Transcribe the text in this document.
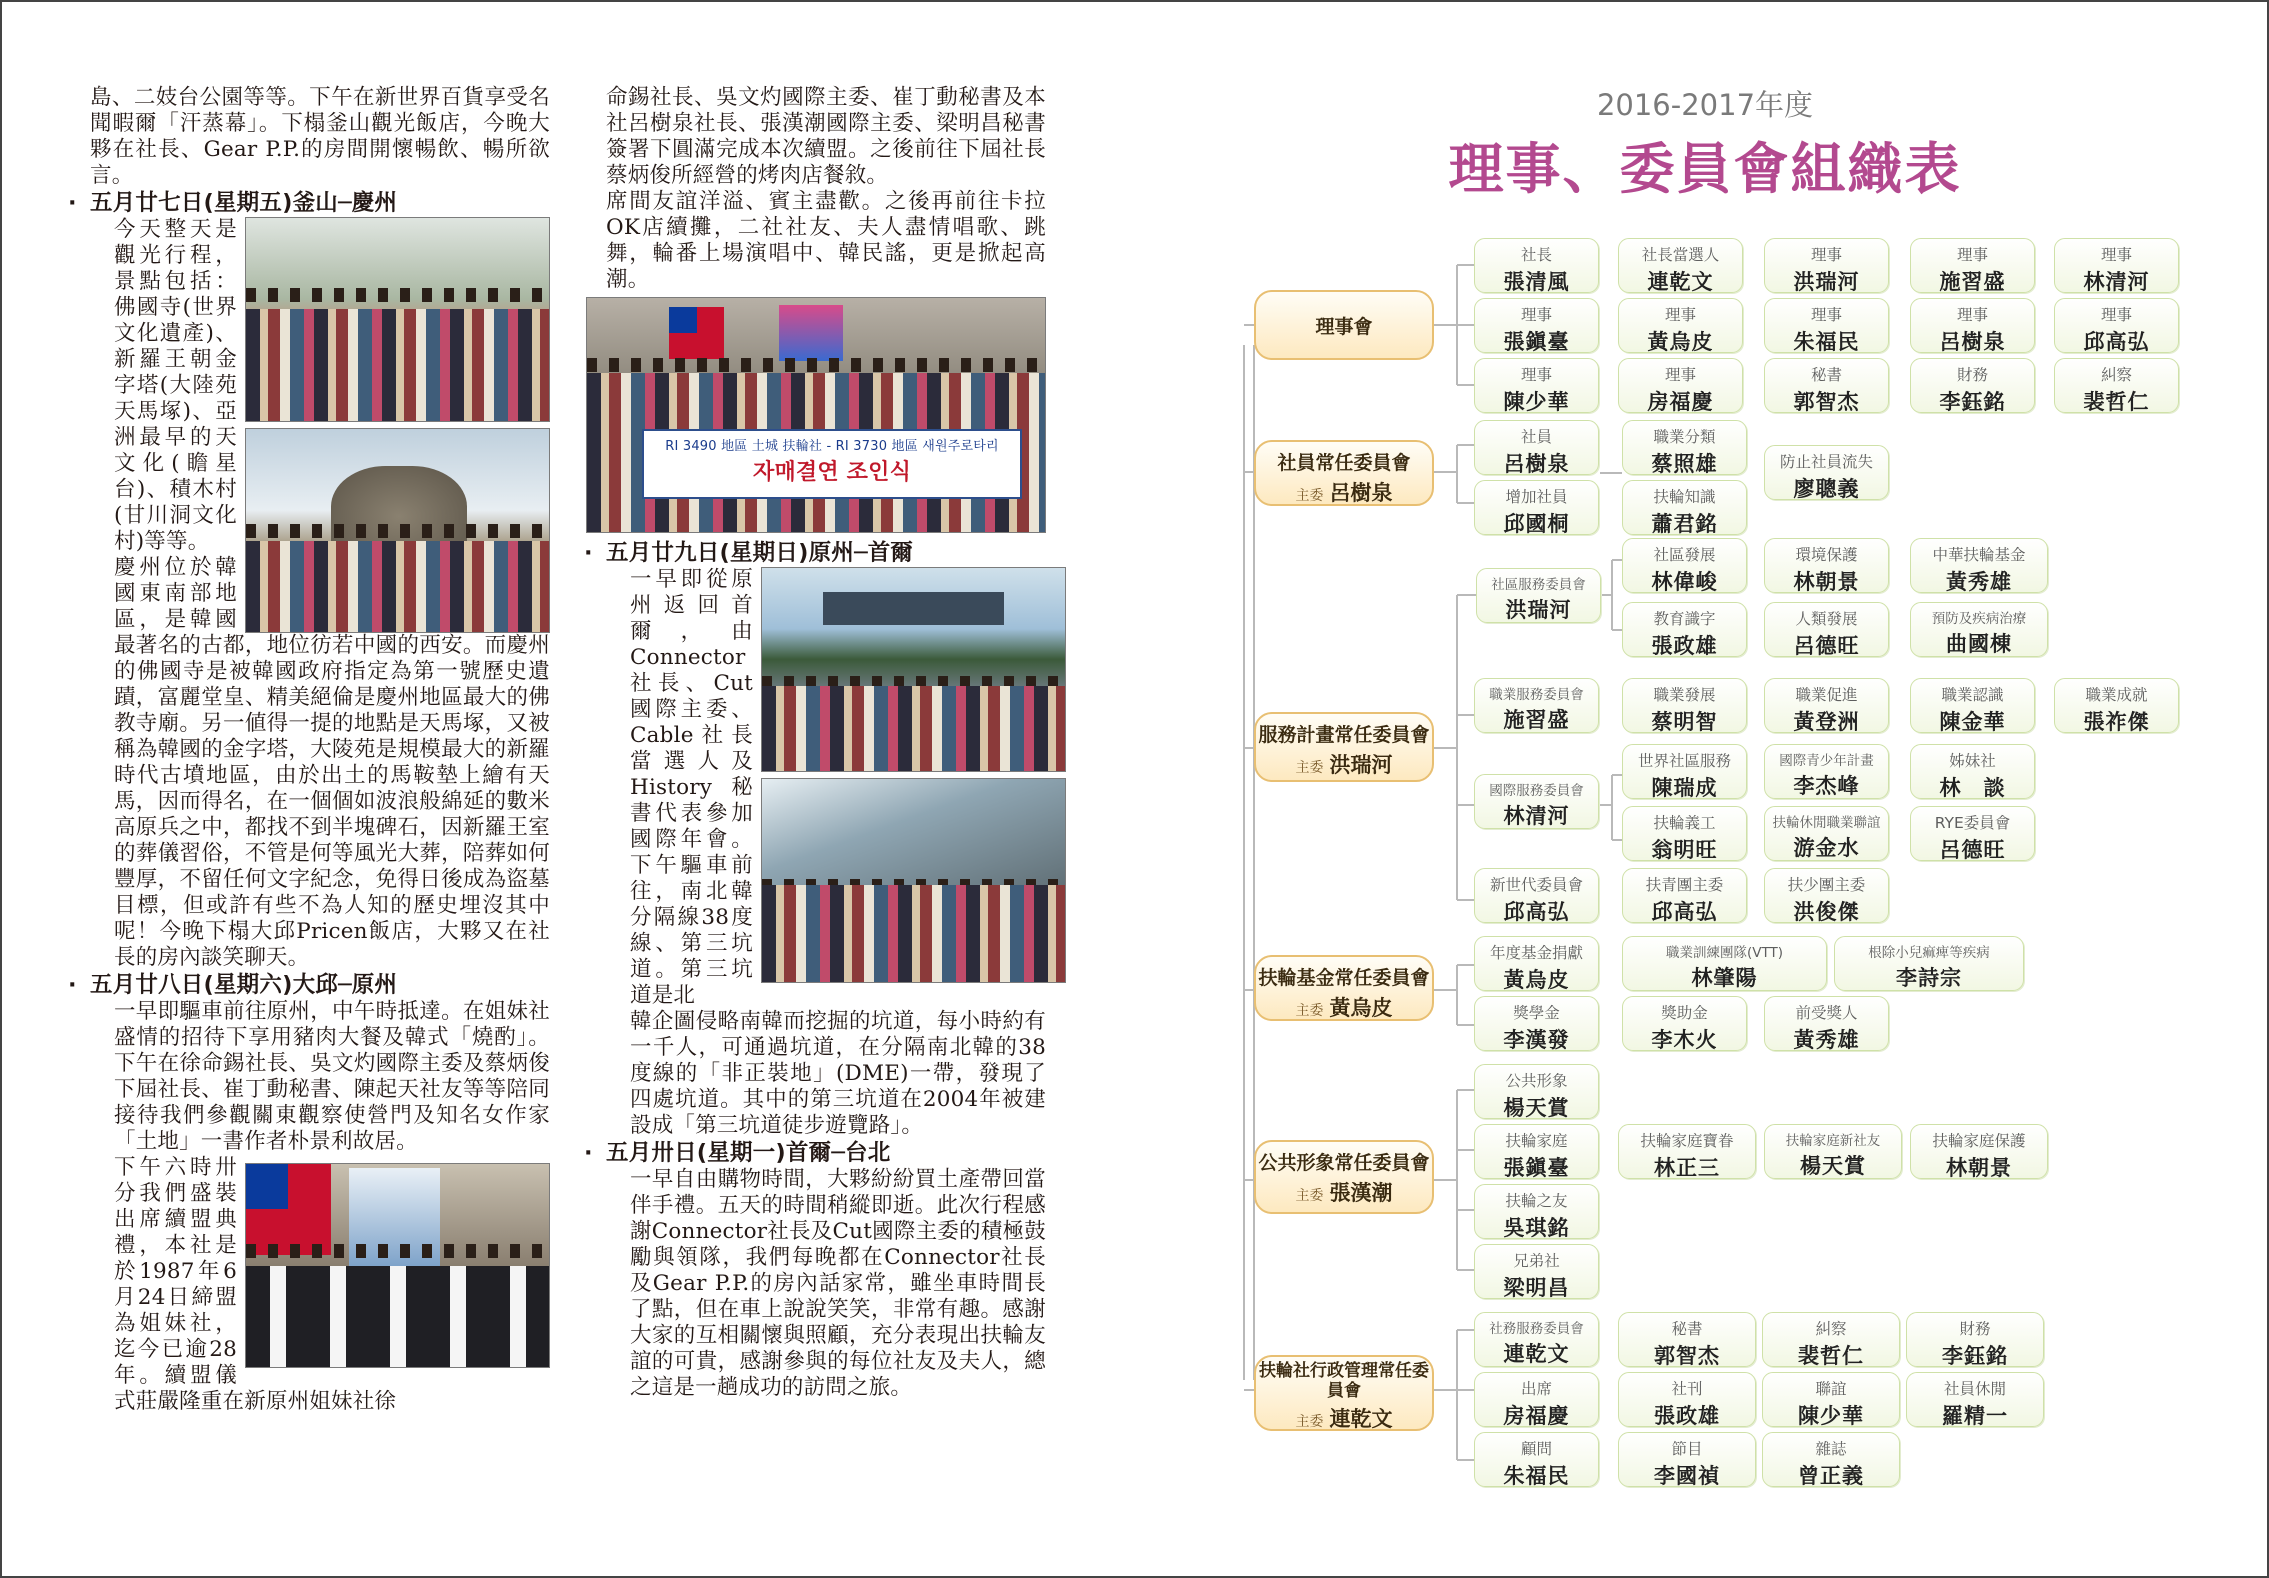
島、二妓台公園等等。下午在新世界百貨享受名聞暇爾「汗蒸幕」。下榻釜山觀光飯店，今晚大夥在社長、Gear P.P.的房間開懷暢飲、暢所欲言。

· 五月廿七日(星期五)釜山─慶州

今天整天是觀光行程，景點包括：佛國寺(世界文化遺產)、新羅王朝金字塔(大陸苑天馬塚)、亞洲最早的天文化(瞻星台)、積木村(甘川洞文化村)等等。

慶州位於韓國東南部地區，是韓國最著名的古都，地位彷若中國的西安。而慶州的佛國寺是被韓國政府指定為第一號歷史遺蹟，富麗堂皇、精美絕倫是慶州地區最大的佛教寺廟。另一値得一提的地點是天馬塚，又被稱為韓國的金字塔，大陵苑是規模最大的新羅時代古墳地區，由於出土的馬鞍墊上繪有天馬，因而得名，在一個個如波浪般綿延的數米高原兵之中，都找不到半塊碑石，因新羅王室的葬儀習俗，不管是何等風光大葬，陪葬如何豐厚，不留任何文字紀念，免得日後成為盜墓目標，但或許有些不為人知的歷史埋沒其中呢！今晚下榻大邱Pricen飯店，大夥又在社長的房內談笑聊天。

· 五月廿八日(星期六)大邱─原州

一早即驅車前往原州，中午時抵達。在姐妹社盛情的招待下享用豬肉大餐及韓式「燒酌」。下午在徐命錫社長、吳文灼國際主委及蔡炳俊下屆社長、崔丁動秘書、陳起天社友等等陪同接待我們參觀關東觀察使營門及知名女作家「土地」一書作者朴景利故居。

下午六時卅分我們盛裝出席續盟典禮，本社是於1987年6月24日締盟為姐妹社，迄今已逾28年。續盟儀式莊嚴隆重在新原州姐妹社徐

命錫社長、吳文灼國際主委、崔丁動秘書及本社呂樹泉社長、張漢潮國際主委、梁明昌秘書簽署下圓滿完成本次續盟。之後前往下屆社長蔡炳俊所經營的烤肉店餐敘。

席間友誼洋溢、賓主盡歡。之後再前往卡拉OK店續攤，二社社友、夫人盡情唱歌、跳舞，輪番上場演唱中、韓民謠，更是掀起高潮。

RI 3490 地區 土城 扶輪社 - RI 3730 地區 새원주로타리
자매결연 조인식
· 五月廿九日(星期日)原州─首爾

一早即從原州返回首爾，由Connector社長、Cut國際主委、Cable社長當選人及History秘書代表參加國際年會。下午驅車前往，南北韓分隔線38度線、第三坑道。第三坑道是北

韓企圖侵略南韓而挖掘的坑道，每小時約有一千人，可通過坑道，在分隔南北韓的38度線的「非正裝地」(DME)一帶，發現了四處坑道。其中的第三坑道在2004年被建設成「第三坑道徒步遊覽路」。

· 五月卅日(星期一)首爾─台北

一早自由購物時間，大夥紛紛買土產帶回當伴手禮。五天的時間稍縱即逝。此次行程感謝Connector社長及Cut國際主委的積極鼓勵與領隊，我們每晚都在Connector社長及Gear P.P.的房內話家常，雖坐車時間長了點，但在車上說說笑笑，非常有趣。感謝大家的互相關懷與照顧，充分表現出扶輪友誼的可貴，感謝參與的每位社友及夫人，總之這是一趟成功的訪問之旅。

2016-2017年度
理事、委員會組織表
理事會
社員常任委員會
主委 呂樹泉
服務計畫常任委員會
主委 洪瑞河
扶輪基金常任委員會
主委 黃烏皮
公共形象常任委員會
主委 張漢潮
扶輪社行政管理常任委員會
主委 連乾文
社長
張清風
社長當選人
連乾文
理事
洪瑞河
理事
施習盛
理事
林清河
理事
張鎭臺
理事
黃烏皮
理事
朱福民
理事
呂樹泉
理事
邱高弘
理事
陳少華
理事
房福慶
秘書
郭智杰
財務
李鈺銘
糾察
裴哲仁
社員
呂樹泉
職業分類
蔡照雄	防止社員流失
廖聰義
增加社員
邱國桐
扶輪知識
蕭君銘
社區服務委員會
洪瑞河
社區發展
林偉峻
環境保護
林朝景
中華扶輪基金
黃秀雄
教育識字
張政雄
人類發展
呂德旺
預防及疾病治療
曲國棟
職業服務委員會
施習盛
職業發展
蔡明智
職業促進
黃登洲
職業認識
陳金華
職業成就
張祚傑
國際服務委員會
林清河
世界社區服務
陳瑞成
國際青少年計畫
李杰峰
姊妹社
林　談
扶輪義工
翁明旺
扶輪休閒職業聯誼
游金水
RYE委員會
呂德旺
新世代委員會
邱高弘
扶青團主委
邱高弘
扶少團主委
洪俊傑
年度基金捐獻
黃烏皮
職業訓練團隊(VTT)
林肇陽
根除小兒痲痺等疾病
李詩宗
獎學金
李漢發
獎助金
李木火
前受獎人
黃秀雄
公共形象
楊天賞
扶輪家庭
張鎭臺
扶輪家庭寶眷
林正三
扶輪家庭新社友
楊天賞
扶輪家庭保護
林朝景
扶輪之友
吳琪銘
兄弟社
梁明昌
社務服務委員會
連乾文
秘書
郭智杰
糾察
裴哲仁
財務
李鈺銘
出席
房福慶
社刊
張政雄
聯誼
陳少華
社員休閒
羅精一
顧問
朱福民
節目
李國禎
雜誌
曾正義
